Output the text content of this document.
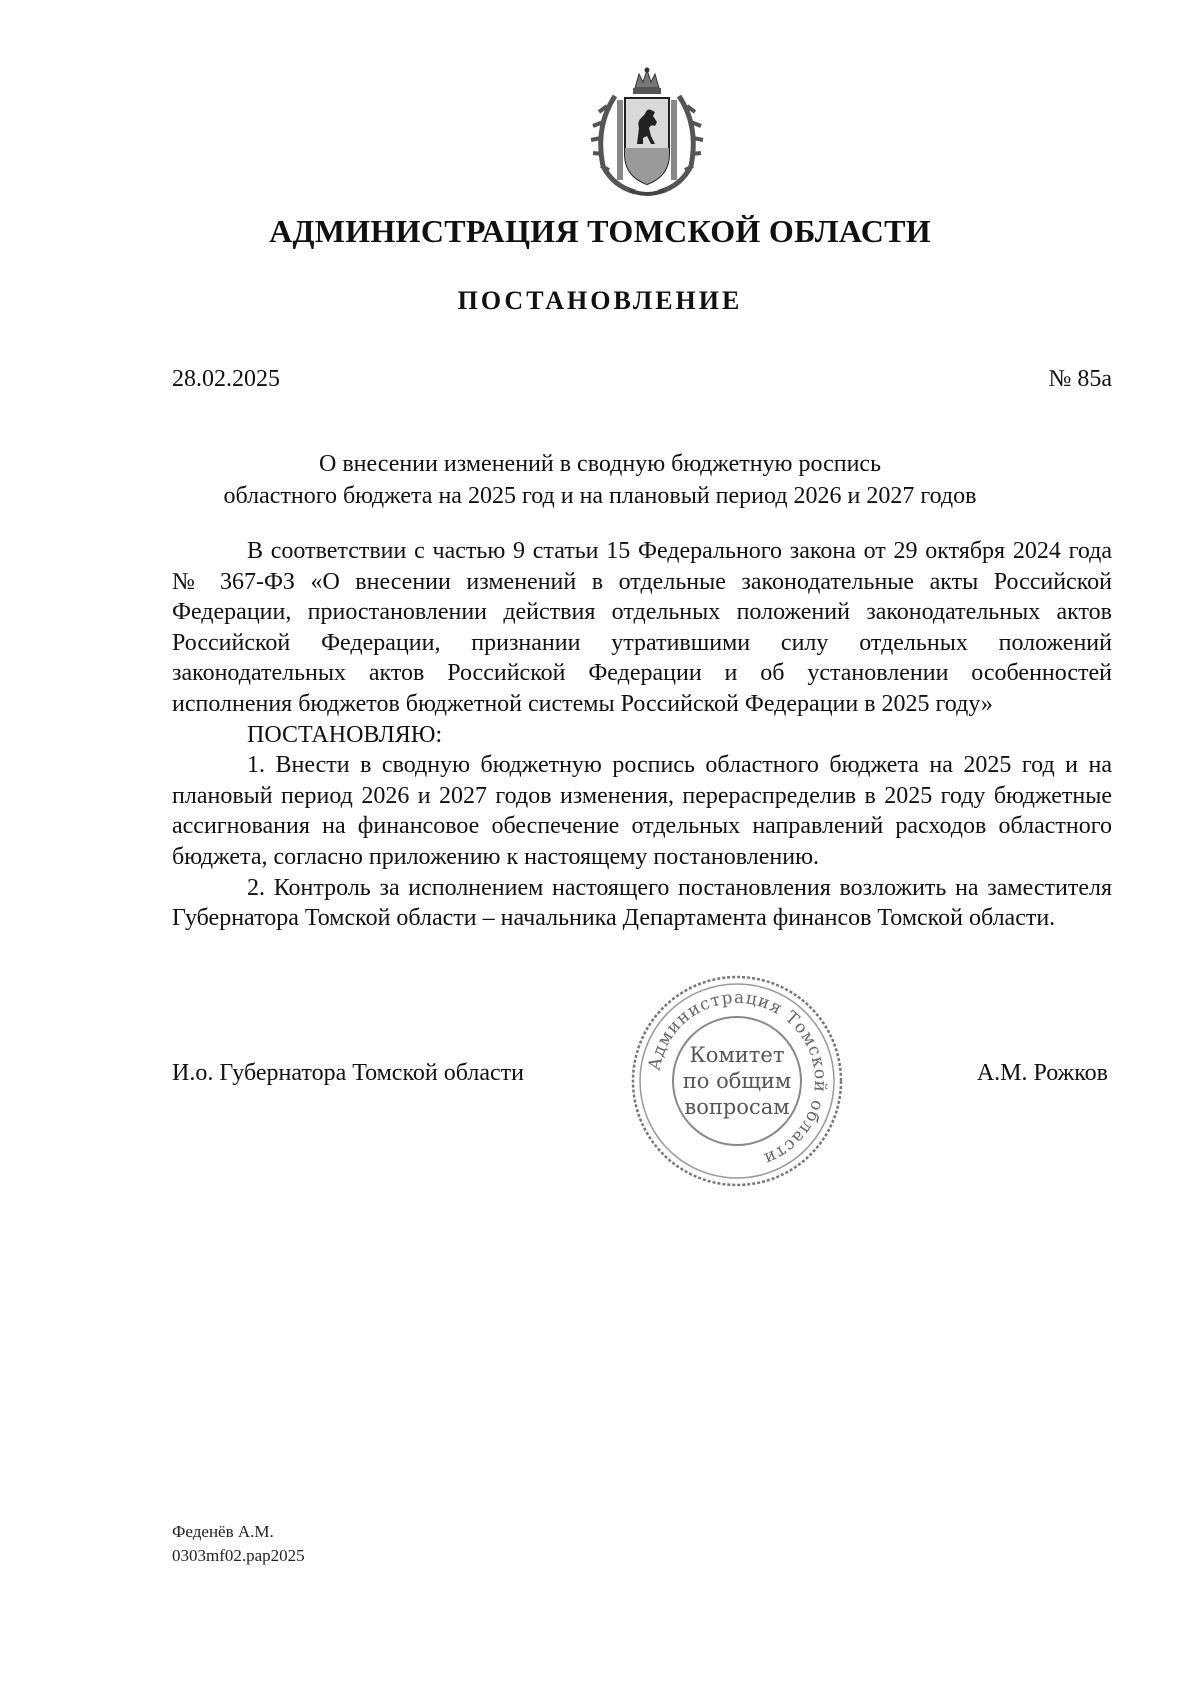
АДМИНИСТРАЦИЯ ТОМСКОЙ ОБЛАСТИ
ПОСТАНОВЛЕНИЕ
28.02.2025	№ 85а
О внесении изменений в сводную бюджетную роспись
областного бюджета на 2025 год и на плановый период 2026 и 2027 годов

В соответствии с частью 9 статьи 15 Федерального закона от 29 октября 2024 года № 367-ФЗ «О внесении изменений в отдельные законодательные акты Российской Федерации, приостановлении действия отдельных положений законодательных актов Российской Федерации, признании утратившими силу отдельных положений законодательных актов Российской Федерации и об установлении особенностей исполнения бюджетов бюджетной системы Российской Федерации в 2025 году»

ПОСТАНОВЛЯЮ:

1. Внести в сводную бюджетную роспись областного бюджета на 2025 год и на плановый период 2026 и 2027 годов изменения, перераспределив в 2025 году бюджетные ассигнования на финансовое обеспечение отдельных направлений расходов областного бюджета, согласно приложению к настоящему постановлению.

2. Контроль за исполнением настоящего постановления возложить на заместителя Губернатора Томской области – начальника Департамента финансов Томской области.

И.о. Губернатора Томской области	А.М. Рожков
Администрация Томской области
Комитет
по общим
вопросам
Феденёв А.М.
0303mf02.pap2025
